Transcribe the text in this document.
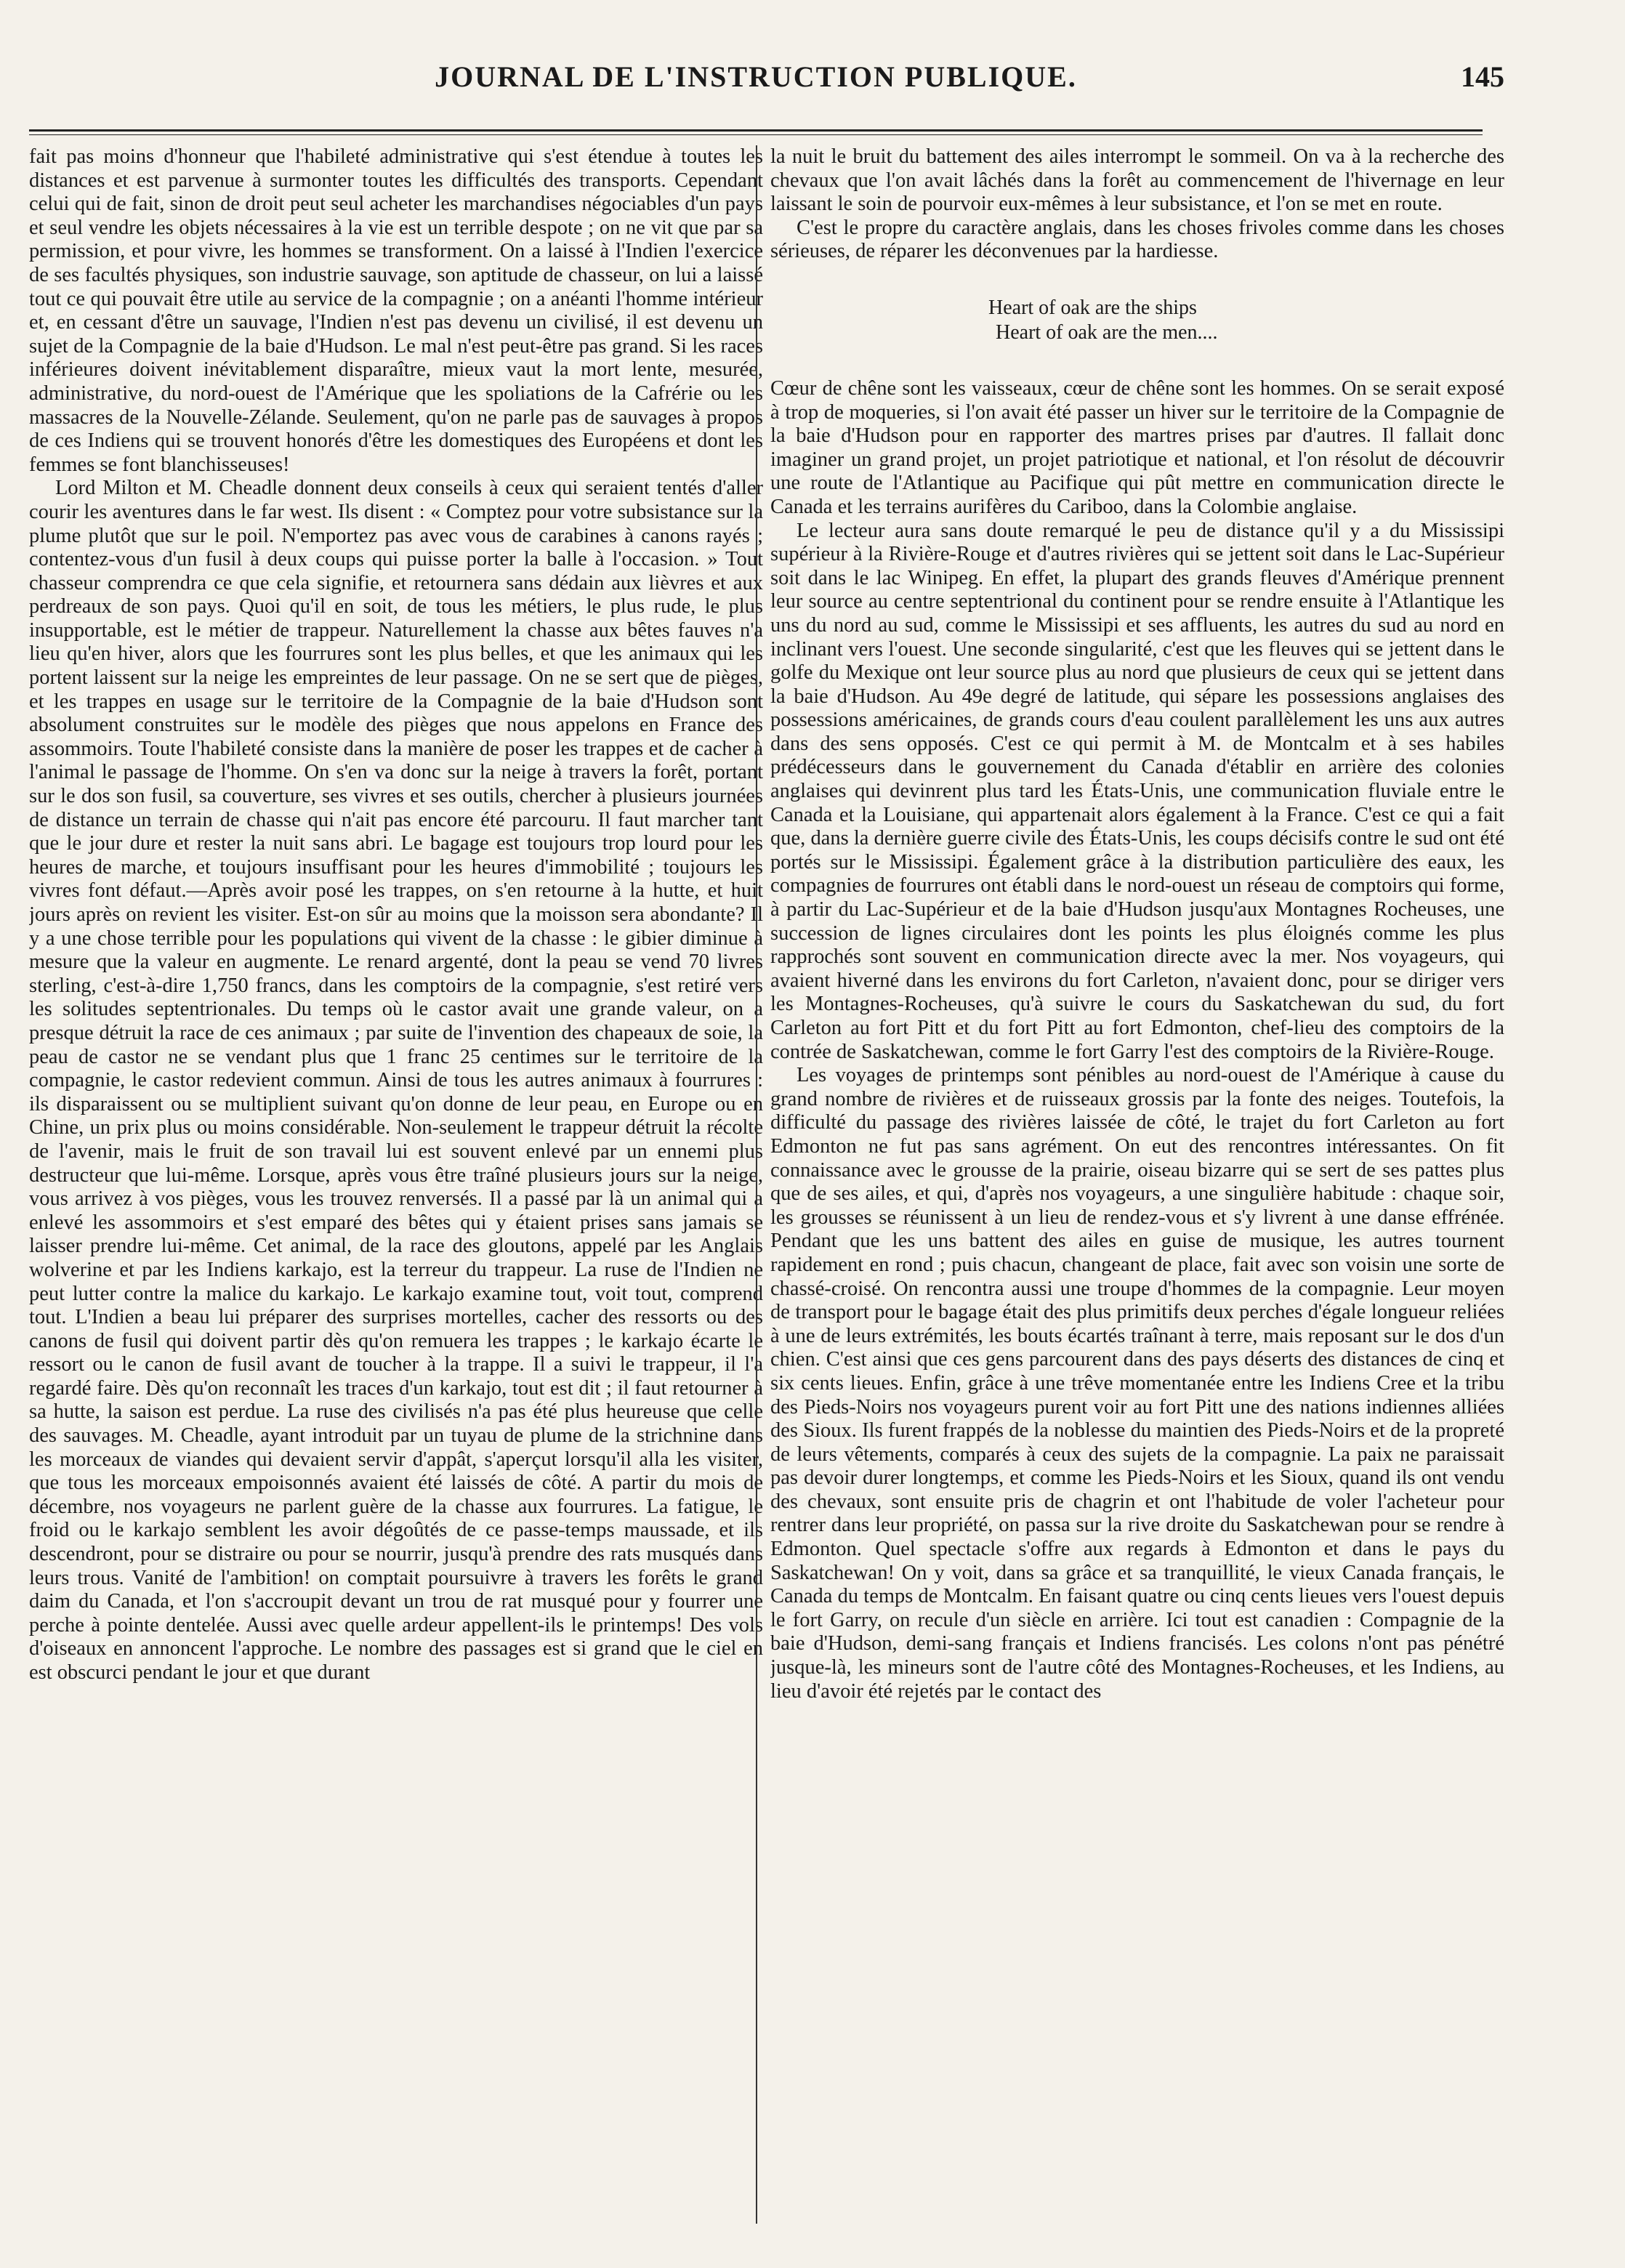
JOURNAL DE L'INSTRUCTION PUBLIQUE.	145

fait pas moins d'honneur que l'habileté administrative qui s'est étendue à toutes les distances et est parvenue à surmonter toutes les difficultés des transports. Cependant celui qui de fait, sinon de droit peut seul acheter les marchandises négociables d'un pays et seul vendre les objets nécessaires à la vie est un terrible despote ; on ne vit que par sa permission, et pour vivre, les hommes se transforment. On a laissé à l'Indien l'exercice de ses facultés physiques, son industrie sauvage, son aptitude de chasseur, on lui a laissé tout ce qui pouvait être utile au service de la compagnie ; on a anéanti l'homme intérieur et, en cessant d'être un sauvage, l'Indien n'est pas devenu un civilisé, il est devenu un sujet de la Compagnie de la baie d'Hudson. Le mal n'est peut-être pas grand. Si les races inférieures doivent inévitablement disparaître, mieux vaut la mort lente, mesurée, administrative, du nord-ouest de l'Amérique que les spoliations de la Cafrérie ou les massacres de la Nouvelle-Zélande. Seulement, qu'on ne parle pas de sauvages à propos de ces Indiens qui se trouvent honorés d'être les domestiques des Européens et dont les femmes se font blanchisseuses!

Lord Milton et M. Cheadle donnent deux conseils à ceux qui seraient tentés d'aller courir les aventures dans le far west. Ils disent : « Comptez pour votre subsistance sur la plume plutôt que sur le poil. N'emportez pas avec vous de carabines à canons rayés ; contentez-vous d'un fusil à deux coups qui puisse porter la balle à l'occasion. » Tout chasseur comprendra ce que cela signifie, et retournera sans dédain aux lièvres et aux perdreaux de son pays. Quoi qu'il en soit, de tous les métiers, le plus rude, le plus insupportable, est le métier de trappeur. Naturellement la chasse aux bêtes fauves n'a lieu qu'en hiver, alors que les fourrures sont les plus belles, et que les animaux qui les portent laissent sur la neige les empreintes de leur passage. On ne se sert que de pièges, et les trappes en usage sur le territoire de la Compagnie de la baie d'Hudson sont absolument construites sur le modèle des pièges que nous appelons en France des assommoirs. Toute l'habileté consiste dans la manière de poser les trappes et de cacher à l'animal le passage de l'homme. On s'en va donc sur la neige à travers la forêt, portant sur le dos son fusil, sa couverture, ses vivres et ses outils, chercher à plusieurs journées de distance un terrain de chasse qui n'ait pas encore été parcouru. Il faut marcher tant que le jour dure et rester la nuit sans abri. Le bagage est toujours trop lourd pour les heures de marche, et toujours insuffisant pour les heures d'immobilité ; toujours les vivres font défaut.—Après avoir posé les trappes, on s'en retourne à la hutte, et huit jours après on revient les visiter. Est-on sûr au moins que la moisson sera abondante? Il y a une chose terrible pour les populations qui vivent de la chasse : le gibier diminue à mesure que la valeur en augmente. Le renard argenté, dont la peau se vend 70 livres sterling, c'est-à-dire 1,750 francs, dans les comptoirs de la compagnie, s'est retiré vers les solitudes septentrionales. Du temps où le castor avait une grande valeur, on a presque détruit la race de ces animaux ; par suite de l'invention des chapeaux de soie, la peau de castor ne se vendant plus que 1 franc 25 centimes sur le territoire de la compagnie, le castor redevient commun. Ainsi de tous les autres animaux à fourrures : ils disparaissent ou se multiplient suivant qu'on donne de leur peau, en Europe ou en Chine, un prix plus ou moins considérable. Non-seulement le trappeur détruit la récolte de l'avenir, mais le fruit de son travail lui est souvent enlevé par un ennemi plus destructeur que lui-même. Lorsque, après vous être traîné plusieurs jours sur la neige, vous arrivez à vos pièges, vous les trouvez renversés. Il a passé par là un animal qui a enlevé les assommoirs et s'est emparé des bêtes qui y étaient prises sans jamais se laisser prendre lui-même. Cet animal, de la race des gloutons, appelé par les Anglais wolverine et par les Indiens karkajo, est la terreur du trappeur. La ruse de l'Indien ne peut lutter contre la malice du karkajo. Le karkajo examine tout, voit tout, comprend tout. L'Indien a beau lui préparer des surprises mortelles, cacher des ressorts ou des canons de fusil qui doivent partir dès qu'on remuera les trappes ; le karkajo écarte le ressort ou le canon de fusil avant de toucher à la trappe. Il a suivi le trappeur, il l'a regardé faire. Dès qu'on reconnaît les traces d'un karkajo, tout est dit ; il faut retourner à sa hutte, la saison est perdue. La ruse des civilisés n'a pas été plus heureuse que celle des sauvages. M. Cheadle, ayant introduit par un tuyau de plume de la strichnine dans les morceaux de viandes qui devaient servir d'appât, s'aperçut lorsqu'il alla les visiter, que tous les morceaux empoisonnés avaient été laissés de côté. A partir du mois de décembre, nos voyageurs ne parlent guère de la chasse aux fourrures. La fatigue, le froid ou le karkajo semblent les avoir dégoûtés de ce passe-temps maussade, et ils descendront, pour se distraire ou pour se nourrir, jusqu'à prendre des rats musqués dans leurs trous. Vanité de l'ambition! on comptait poursuivre à travers les forêts le grand daim du Canada, et l'on s'accroupit devant un trou de rat musqué pour y fourrer une perche à pointe dentelée. Aussi avec quelle ardeur appellent-ils le printemps! Des vols d'oiseaux en annoncent l'approche. Le nombre des passages est si grand que le ciel en est obscurci pendant le jour et que durant

la nuit le bruit du battement des ailes interrompt le sommeil. On va à la recherche des chevaux que l'on avait lâchés dans la forêt au commencement de l'hivernage en leur laissant le soin de pourvoir eux-mêmes à leur subsistance, et l'on se met en route.

C'est le propre du caractère anglais, dans les choses frivoles comme dans les choses sérieuses, de réparer les déconvenues par la hardiesse.

Heart of oak are the ships
Heart of oak are the men....

Cœur de chêne sont les vaisseaux, cœur de chêne sont les hommes. On se serait exposé à trop de moqueries, si l'on avait été passer un hiver sur le territoire de la Compagnie de la baie d'Hudson pour en rapporter des martres prises par d'autres. Il fallait donc imaginer un grand projet, un projet patriotique et national, et l'on résolut de découvrir une route de l'Atlantique au Pacifique qui pût mettre en communication directe le Canada et les terrains aurifères du Cariboo, dans la Colombie anglaise.

Le lecteur aura sans doute remarqué le peu de distance qu'il y a du Mississipi supérieur à la Rivière-Rouge et d'autres rivières qui se jettent soit dans le Lac-Supérieur soit dans le lac Winipeg. En effet, la plupart des grands fleuves d'Amérique prennent leur source au centre septentrional du continent pour se rendre ensuite à l'Atlantique les uns du nord au sud, comme le Mississipi et ses affluents, les autres du sud au nord en inclinant vers l'ouest. Une seconde singularité, c'est que les fleuves qui se jettent dans le golfe du Mexique ont leur source plus au nord que plusieurs de ceux qui se jettent dans la baie d'Hudson. Au 49e degré de latitude, qui sépare les possessions anglaises des possessions américaines, de grands cours d'eau coulent parallèlement les uns aux autres dans des sens opposés. C'est ce qui permit à M. de Montcalm et à ses habiles prédécesseurs dans le gouvernement du Canada d'établir en arrière des colonies anglaises qui devinrent plus tard les États-Unis, une communication fluviale entre le Canada et la Louisiane, qui appartenait alors également à la France. C'est ce qui a fait que, dans la dernière guerre civile des États-Unis, les coups décisifs contre le sud ont été portés sur le Mississipi. Également grâce à la distribution particulière des eaux, les compagnies de fourrures ont établi dans le nord-ouest un réseau de comptoirs qui forme, à partir du Lac-Supérieur et de la baie d'Hudson jusqu'aux Montagnes Rocheuses, une succession de lignes circulaires dont les points les plus éloignés comme les plus rapprochés sont souvent en communication directe avec la mer. Nos voyageurs, qui avaient hiverné dans les environs du fort Carleton, n'avaient donc, pour se diriger vers les Montagnes-Rocheuses, qu'à suivre le cours du Saskatchewan du sud, du fort Carleton au fort Pitt et du fort Pitt au fort Edmonton, chef-lieu des comptoirs de la contrée de Saskatchewan, comme le fort Garry l'est des comptoirs de la Rivière-Rouge.

Les voyages de printemps sont pénibles au nord-ouest de l'Amérique à cause du grand nombre de rivières et de ruisseaux grossis par la fonte des neiges. Toutefois, la difficulté du passage des rivières laissée de côté, le trajet du fort Carleton au fort Edmonton ne fut pas sans agrément. On eut des rencontres intéressantes. On fit connaissance avec le grousse de la prairie, oiseau bizarre qui se sert de ses pattes plus que de ses ailes, et qui, d'après nos voyageurs, a une singulière habitude : chaque soir, les grousses se réunissent à un lieu de rendez-vous et s'y livrent à une danse effrénée. Pendant que les uns battent des ailes en guise de musique, les autres tournent rapidement en rond ; puis chacun, changeant de place, fait avec son voisin une sorte de chassé-croisé. On rencontra aussi une troupe d'hommes de la compagnie. Leur moyen de transport pour le bagage était des plus primitifs deux perches d'égale longueur reliées à une de leurs extrémités, les bouts écartés traînant à terre, mais reposant sur le dos d'un chien. C'est ainsi que ces gens parcourent dans des pays déserts des distances de cinq et six cents lieues. Enfin, grâce à une trêve momentanée entre les Indiens Cree et la tribu des Pieds-Noirs nos voyageurs purent voir au fort Pitt une des nations indiennes alliées des Sioux. Ils furent frappés de la noblesse du maintien des Pieds-Noirs et de la propreté de leurs vêtements, comparés à ceux des sujets de la compagnie. La paix ne paraissait pas devoir durer longtemps, et comme les Pieds-Noirs et les Sioux, quand ils ont vendu des chevaux, sont ensuite pris de chagrin et ont l'habitude de voler l'acheteur pour rentrer dans leur propriété, on passa sur la rive droite du Saskatchewan pour se rendre à Edmonton. Quel spectacle s'offre aux regards à Edmonton et dans le pays du Saskatchewan! On y voit, dans sa grâce et sa tranquillité, le vieux Canada français, le Canada du temps de Montcalm. En faisant quatre ou cinq cents lieues vers l'ouest depuis le fort Garry, on recule d'un siècle en arrière. Ici tout est canadien : Compagnie de la baie d'Hudson, demi-sang français et Indiens francisés. Les colons n'ont pas pénétré jusque-là, les mineurs sont de l'autre côté des Montagnes-Rocheuses, et les Indiens, au lieu d'avoir été rejetés par le contact des
